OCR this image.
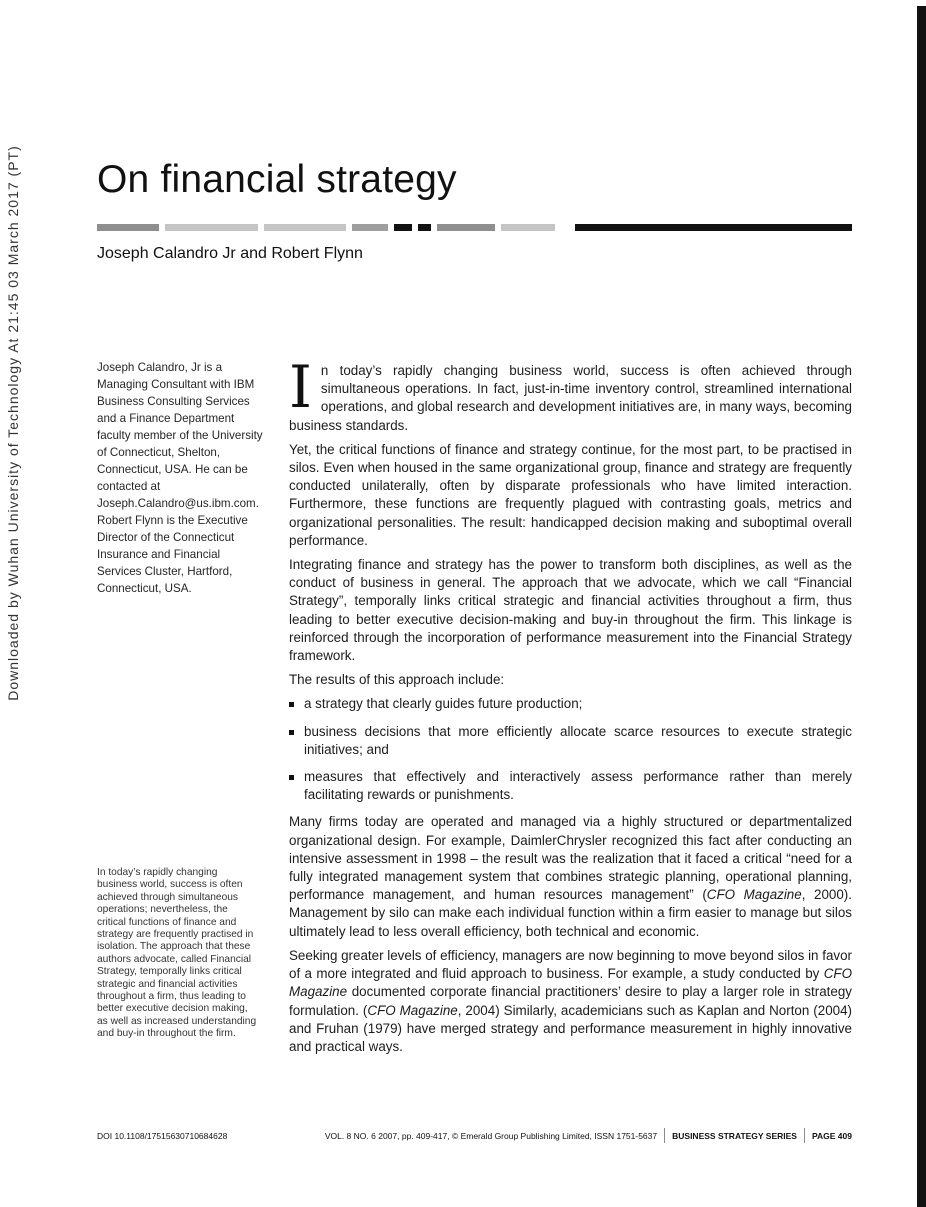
Downloaded by Wuhan University of Technology At 21:45 03 March 2017 (PT) On financial strategy
Joseph Calandro Jr and Robert Flynn
Joseph Calandro, Jr is a Managing Consultant with IBM Business Consulting Services and a Finance Department faculty member of the University of Connecticut, Shelton, Connecticut, USA. He can be contacted at Joseph.Calandro@us.ibm.com. Robert Flynn is the Executive Director of the Connecticut Insurance and Financial Services Cluster, Hartford, Connecticut, USA.
In today’s rapidly changing business world, success is often achieved through simultaneous operations; nevertheless, the critical functions of finance and strategy are frequently practised in isolation. The approach that these authors advocate, called Financial Strategy, temporally links critical strategic and financial activities throughout a firm, thus leading to better executive decision making, as well as increased understanding and buy-in throughout the firm.

In today’s rapidly changing business world, success is often achieved through simultaneous operations. In fact, just-in-time inventory control, streamlined international operations, and global research and development initiatives are, in many ways, becoming business standards.

Yet, the critical functions of finance and strategy continue, for the most part, to be practised in silos. Even when housed in the same organizational group, finance and strategy are frequently conducted unilaterally, often by disparate professionals who have limited interaction. Furthermore, these functions are frequently plagued with contrasting goals, metrics and organizational personalities. The result: handicapped decision making and suboptimal overall performance.

Integrating finance and strategy has the power to transform both disciplines, as well as the conduct of business in general. The approach that we advocate, which we call “Financial Strategy”, temporally links critical strategic and financial activities throughout a firm, thus leading to better executive decision-making and buy-in throughout the firm. This linkage is reinforced through the incorporation of performance measurement into the Financial Strategy framework.

The results of this approach include:

a strategy that clearly guides future production;
business decisions that more efficiently allocate scarce resources to execute strategic initiatives; and
measures that effectively and interactively assess performance rather than merely facilitating rewards or punishments.

Many firms today are operated and managed via a highly structured or departmentalized organizational design. For example, DaimlerChrysler recognized this fact after conducting an intensive assessment in 1998 – the result was the realization that it faced a critical “need for a fully integrated management system that combines strategic planning, operational planning, performance management, and human resources management” (CFO Magazine, 2000). Management by silo can make each individual function within a firm easier to manage but silos ultimately lead to less overall efficiency, both technical and economic.

Seeking greater levels of efficiency, managers are now beginning to move beyond silos in favor of a more integrated and fluid approach to business. For example, a study conducted by CFO Magazine documented corporate financial practitioners’ desire to play a larger role in strategy formulation. (CFO Magazine, 2004) Similarly, academicians such as Kaplan and Norton (2004) and Fruhan (1979) have merged strategy and performance measurement in highly innovative and practical ways.

DOI 10.1108/17515630710684628	VOL. 8 NO. 6 2007, pp. 409-417, © Emerald Group Publishing Limited, ISSN 1751-5637 BUSINESS STRATEGY SERIES PAGE 409
